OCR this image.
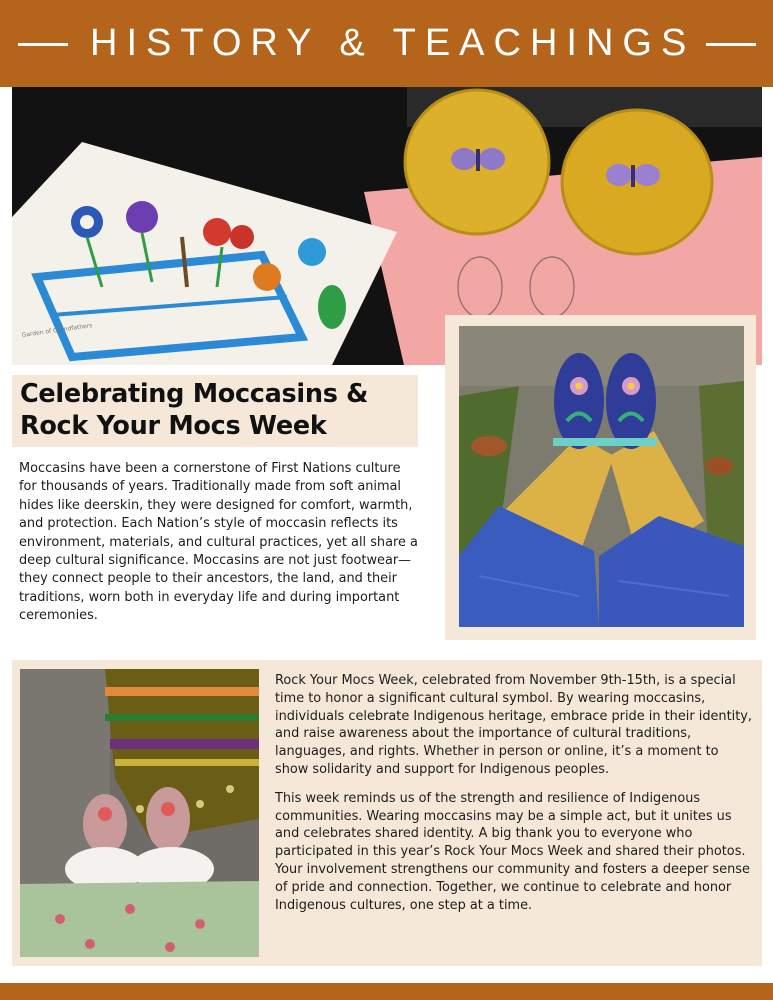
HISTORY & TEACHINGS
Garden of Grandfathers
Celebrating Moccasins &
Rock Your Mocs Week

Moccasins have been a cornerstone of First Nations culture for thousands of years. Traditionally made from soft animal hides like deerskin, they were designed for comfort, warmth, and protection. Each Nation’s style of moccasin reflects its environment, materials, and cultural practices, yet all share a deep cultural significance. Moccasins are not just footwear—they connect people to their ancestors, the land, and their traditions, worn both in everyday life and during important ceremonies.

Rock Your Mocs Week, celebrated from November 9th-15th, is a special time to honor a significant cultural symbol. By wearing moccasins, individuals celebrate Indigenous heritage, embrace pride in their identity, and raise awareness about the importance of cultural traditions, languages, and rights. Whether in person or online, it’s a moment to show solidarity and support for Indigenous peoples.

This week reminds us of the strength and resilience of Indigenous communities. Wearing moccasins may be a simple act, but it unites us and celebrates shared identity. A big thank you to everyone who participated in this year’s Rock Your Mocs Week and shared their photos. Your involvement strengthens our community and fosters a deeper sense of pride and connection. Together, we continue to celebrate and honor Indigenous cultures, one step at a time.
